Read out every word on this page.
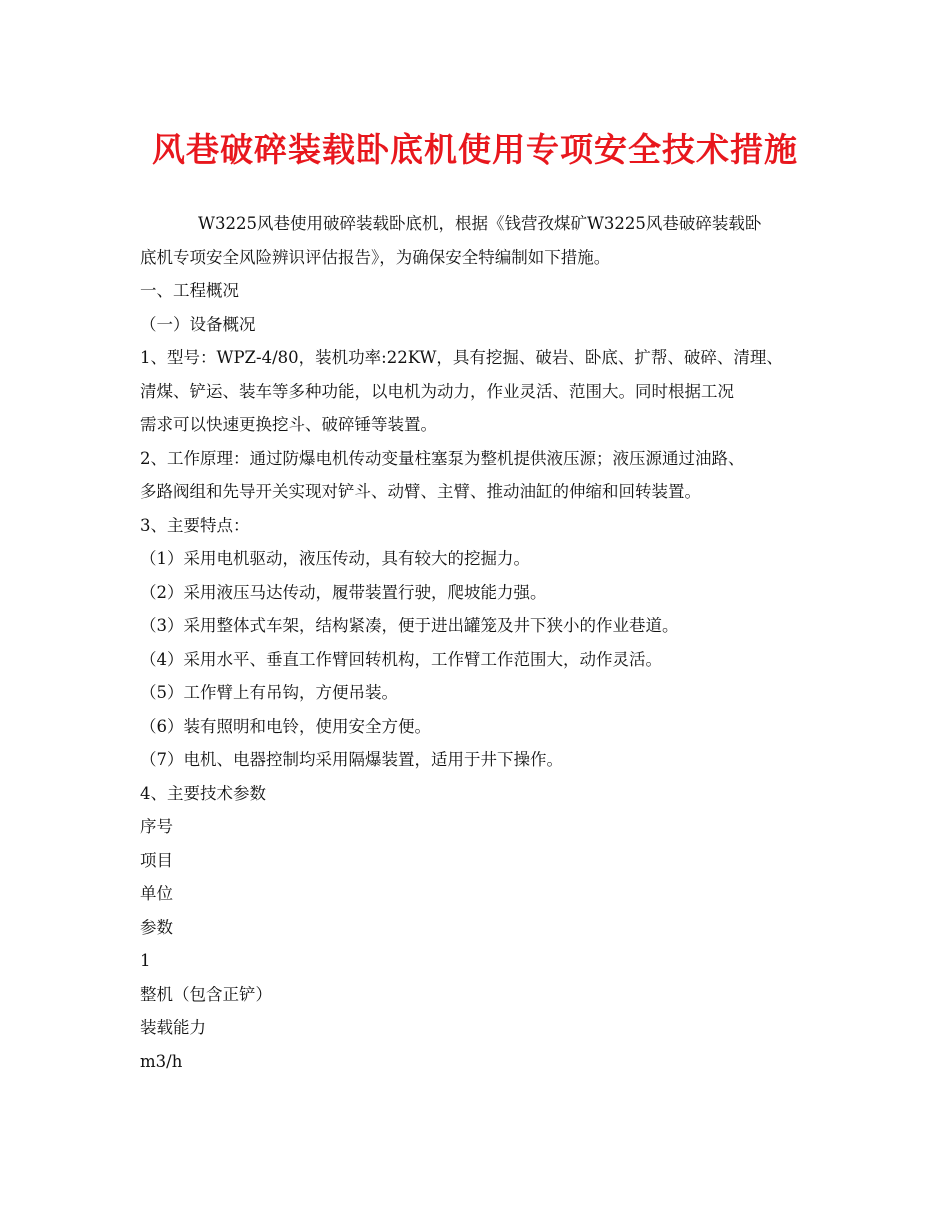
风巷破碎装载卧底机使用专项安全技术措施
W3225风巷使用破碎装载卧底机，根据《钱营孜煤矿W3225风巷破碎装载卧
底机专项安全风险辨识评估报告》，为确保安全特编制如下措施。
一、工程概况
（一）设备概况
1、型号：WPZ-4/80，装机功率:22KW，具有挖掘、破岩、卧底、扩帮、破碎、清理、
清煤、铲运、装车等多种功能，以电机为动力，作业灵活、范围大。同时根据工况
需求可以快速更换挖斗、破碎锤等装置。
2、工作原理：通过防爆电机传动变量柱塞泵为整机提供液压源；液压源通过油路、
多路阀组和先导开关实现对铲斗、动臂、主臂、推动油缸的伸缩和回转装置。
3、主要特点：
（1）采用电机驱动，液压传动，具有较大的挖掘力。
（2）采用液压马达传动，履带装置行驶，爬坡能力强。
（3）采用整体式车架，结构紧凑，便于进出罐笼及井下狭小的作业巷道。
（4）采用水平、垂直工作臂回转机构，工作臂工作范围大，动作灵活。
（5）工作臂上有吊钩，方便吊装。
（6）装有照明和电铃，使用安全方便。
（7）电机、电器控制均采用隔爆装置，适用于井下操作。
4、主要技术参数
序号
项目
单位
参数
1
整机（包含正铲）
装载能力
m3/h
